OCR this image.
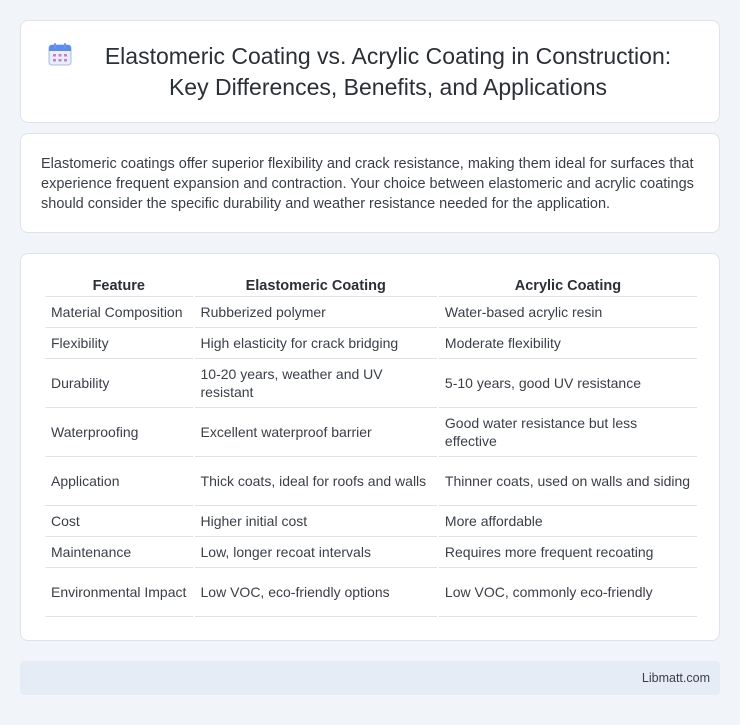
Elastomeric Coating vs. Acrylic Coating in Construction: Key Differences, Benefits, and Applications

Elastomeric coatings offer superior flexibility and crack resistance, making them ideal for surfaces that experience frequent expansion and contraction. Your choice between elastomeric and acrylic coatings should consider the specific durability and weather resistance needed for the application.

Feature	Elastomeric Coating	Acrylic Coating
Material Composition	Rubberized polymer	Water-based acrylic resin
Flexibility	High elasticity for crack bridging	Moderate flexibility
Durability	10-20 years, weather and UV resistant	5-10 years, good UV resistance
Waterproofing	Excellent waterproof barrier	Good water resistance but less effective
Application	Thick coats, ideal for roofs and walls	Thinner coats, used on walls and siding
Cost	Higher initial cost	More affordable
Maintenance	Low, longer recoat intervals	Requires more frequent recoating
Environmental Impact	Low VOC, eco-friendly options	Low VOC, commonly eco-friendly
Libmatt.com
